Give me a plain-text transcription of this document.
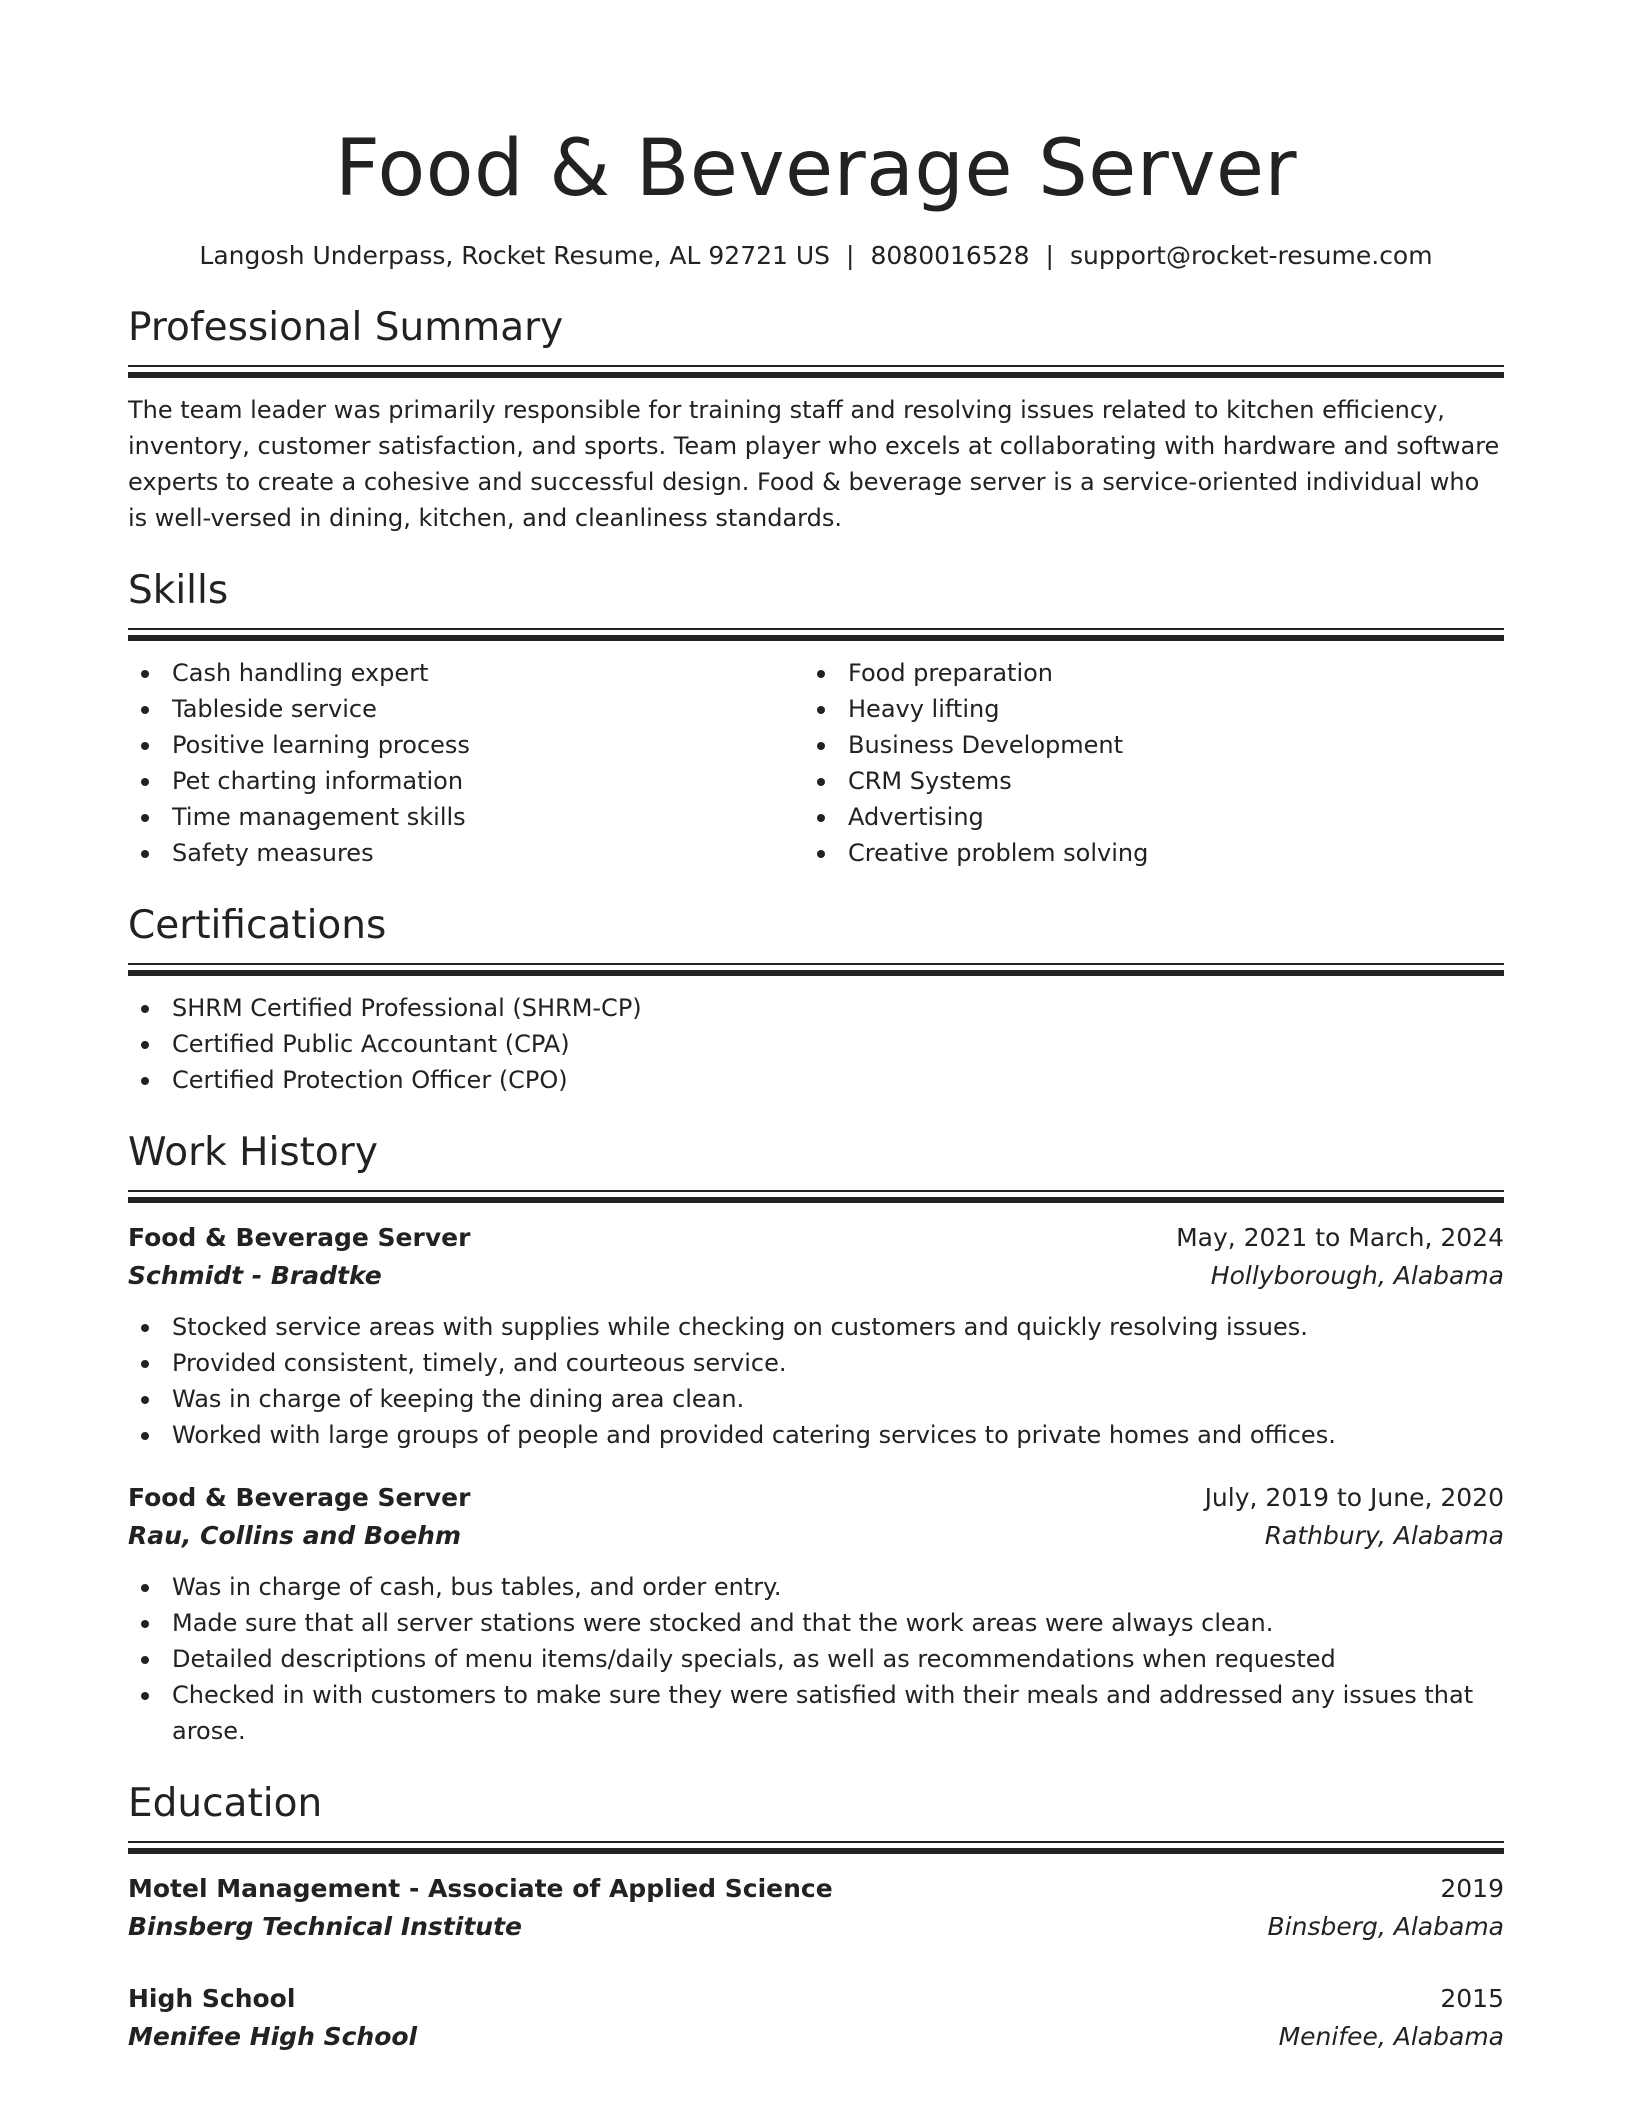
Food & Beverage Server
Langosh Underpass, Rocket Resume, AL 92721 US | 8080016528 | support@rocket-resume.com
Professional Summary

The team leader was primarily responsible for training staff and resolving issues related to kitchen efficiency, inventory, customer satisfaction, and sports. Team player who excels at collaborating with hardware and software experts to create a cohesive and successful design. Food & beverage server is a service-oriented individual who is well-versed in dining, kitchen, and cleanliness standards.

Skills
Cash handling expert
Tableside service
Positive learning process
Pet charting information
Time management skills
Safety measures
Food preparation
Heavy lifting
Business Development
CRM Systems
Advertising
Creative problem solving
Certifications
SHRM Certified Professional (SHRM-CP)
Certified Public Accountant (CPA)
Certified Protection Officer (CPO)
Work History
Food & Beverage Server	May, 2021 to March, 2024
Schmidt - Bradtke	Hollyborough, Alabama
Stocked service areas with supplies while checking on customers and quickly resolving issues.
Provided consistent, timely, and courteous service.
Was in charge of keeping the dining area clean.
Worked with large groups of people and provided catering services to private homes and offices.
Food & Beverage Server	July, 2019 to June, 2020
Rau, Collins and Boehm	Rathbury, Alabama
Was in charge of cash, bus tables, and order entry.
Made sure that all server stations were stocked and that the work areas were always clean.
Detailed descriptions of menu items/daily specials, as well as recommendations when requested
Checked in with customers to make sure they were satisfied with their meals and addressed any issues that arose.
Education
Motel Management - Associate of Applied Science	2019
Binsberg Technical Institute	Binsberg, Alabama
High School	2015
Menifee High School	Menifee, Alabama
